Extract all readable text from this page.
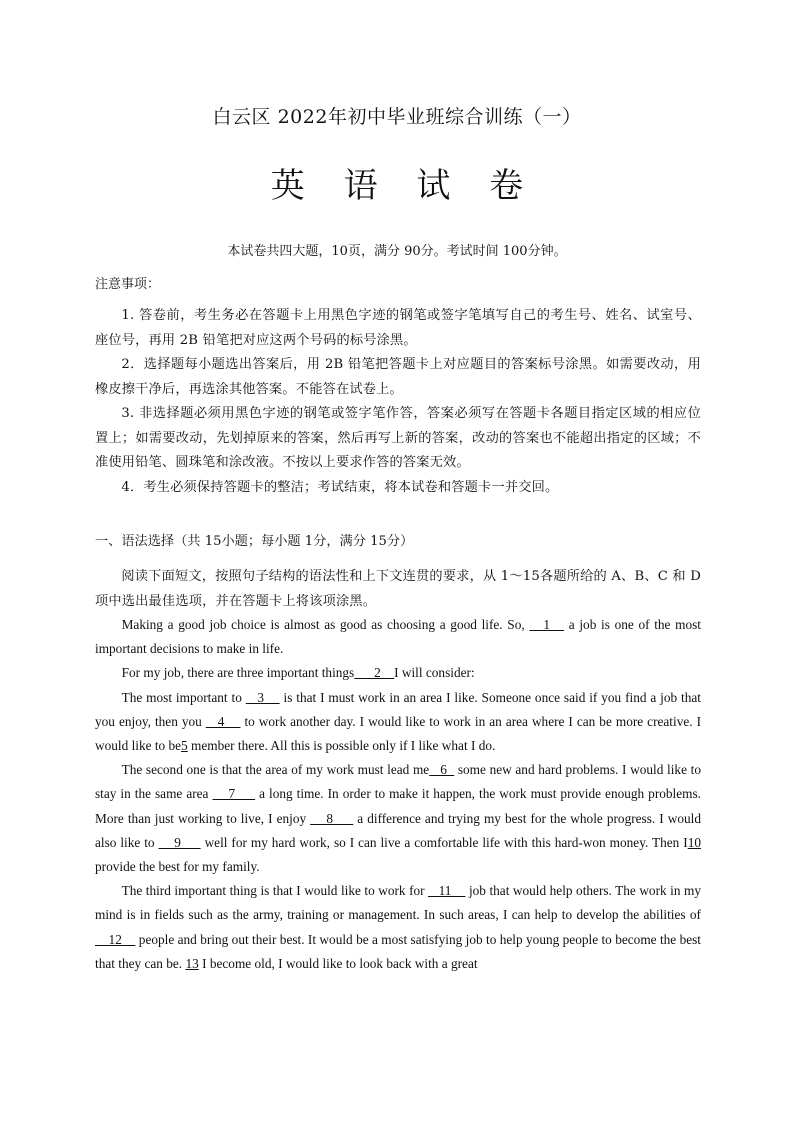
白云区 2022年初中毕业班综合训练（一）
英 语 试 卷
本试卷共四大题，10页，满分 90分。考试时间 100分钟。
注意事项：

1. 答卷前，考生务必在答题卡上用黑色字迹的钢笔或签字笔填写自己的考生号、姓名、试室号、座位号，再用 2B 铅笔把对应这两个号码的标号涂黑。

2．选择题每小题选出答案后，用 2B 铅笔把答题卡上对应题目的答案标号涂黑。如需要改动，用橡皮擦干净后，再选涂其他答案。不能答在试卷上。

3. 非选择题必须用黑色字迹的钢笔或签字笔作答，答案必须写在答题卡各题目指定区域的相应位置上；如需要改动，先划掉原来的答案，然后再写上新的答案，改动的答案也不能超出指定的区域；不准使用铅笔、圆珠笔和涂改液。不按以上要求作答的答案无效。

4．考生必须保持答题卡的整洁；考试结束，将本试卷和答题卡一并交回。

一、语法选择（共 15小题；每小题 1分，满分 15分）

阅读下面短文，按照句子结构的语法性和上下文连贯的要求，从 1～15各题所给的 A、B、C 和 D项中选出最佳选项，并在答题卡上将该项涂黑。

Making a good job choice is almost as good as choosing a good life. So,    1    a job is one of the most important decisions to make in life.

For my job, there are three important things      2    I will consider:

The most important to    3     is that I must work in an area I like. Someone once said if you find a job that you enjoy, then you    4     to work another day. I would like to work in an area where I can be more creative. I would like to be5 member there. All this is possible only if I like what I do.

The second one is that the area of my work must lead me   6   some new and hard problems. I would like to stay in the same area     7      a long time. In order to make it happen, the work must provide enough problems. More than just working to live, I enjoy     8      a difference and trying my best for the whole progress. I would also like to     9      well for my hard work, so I can live a comfortable life with this hard-won money. Then I10 provide the best for my family.

The third important thing is that I would like to work for    11     job that would help others. The work in my mind is in fields such as the army, training or management. In such areas, I can help to develop the abilities of    12     people and bring out their best. It would be a most satisfying job to help young people to become the best that they can be. 13 I become old, I would like to look back with a great
